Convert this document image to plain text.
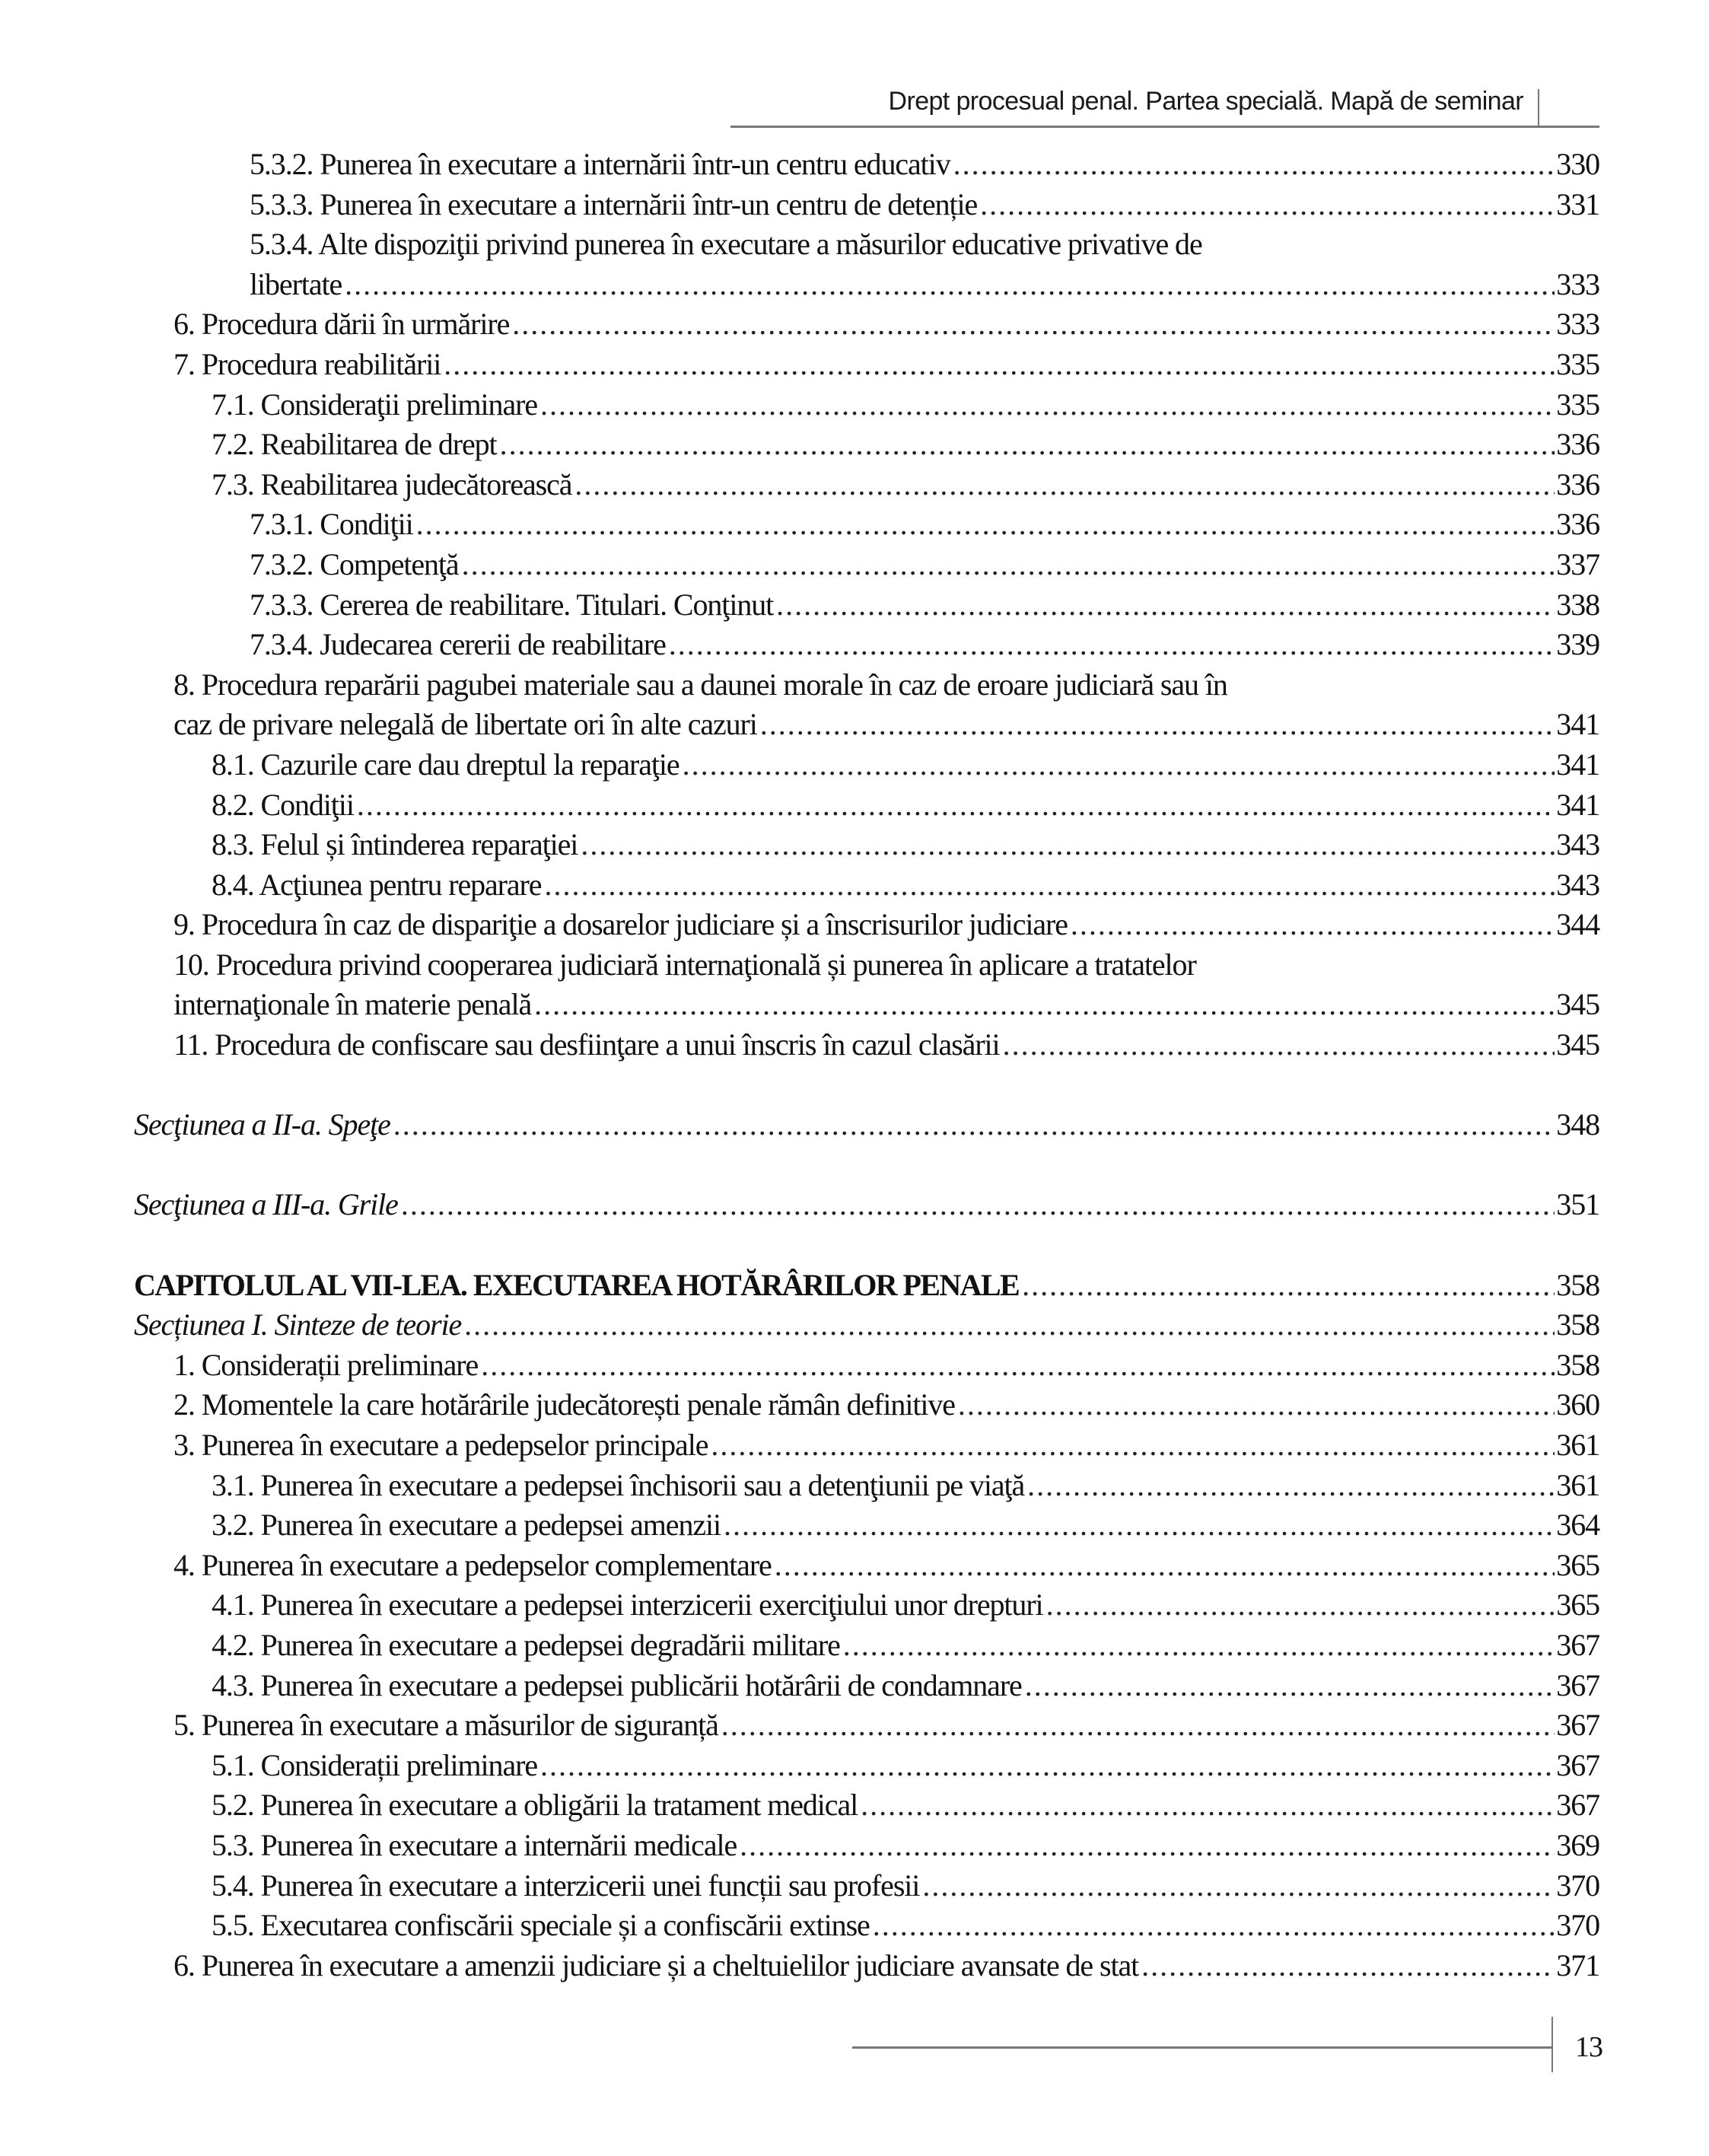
Drept procesual penal. Partea specială. Mapă de seminar
5.3.2. Punerea în executare a internării într-un centru educativ .....	330
5.3.3. Punerea în executare a internării într-un centru de detenție .....	331
5.3.4. Alte dispoziţii privind punerea în executare a măsurilor educative privative de
libertate .....	333
6. Procedura dării în urmărire .....	333
7. Procedura reabilitării .....	335
7.1. Consideraţii preliminare .....	335
7.2. Reabilitarea de drept .....	336
7.3. Reabilitarea judecătorească .....	336
7.3.1. Condiţii .....	336
7.3.2. Competenţă .....	337
7.3.3. Cererea de reabilitare. Titulari. Conţinut .....	338
7.3.4. Judecarea cererii de reabilitare .....	339
8. Procedura reparării pagubei materiale sau a daunei morale în caz de eroare judiciară sau în
caz de privare nelegală de libertate ori în alte cazuri .....	341
8.1. Cazurile care dau dreptul la reparaţie .....	341
8.2. Condiţii .....	341
8.3. Felul și întinderea reparaţiei .....	343
8.4. Acţiunea pentru reparare .....	343
9. Procedura în caz de dispariţie a dosarelor judiciare și a înscrisurilor judiciare .....	344
10. Procedura privind cooperarea judiciară internaţională și punerea în aplicare a tratatelor
internaţionale în materie penală .....	345
11. Procedura de confiscare sau desfiinţare a unui înscris în cazul clasării .....	345
Secţiunea a II-a. Speţe .....	348
Secţiunea a III-a. Grile .....	351
CAPITOLUL AL VII-LEA. EXECUTAREA HOTĂRÂRILOR PENALE .....	358
Secțiunea I. Sinteze de teorie .....	358
1. Considerații preliminare .....	358
2. Momentele la care hotărârile judecătorești penale rămân definitive .....	360
3. Punerea în executare a pedepselor principale .....	361
3.1. Punerea în executare a pedepsei închisorii sau a detenţiunii pe viaţă .....	361
3.2. Punerea în executare a pedepsei amenzii .....	364
4. Punerea în executare a pedepselor complementare .....	365
4.1. Punerea în executare a pedepsei interzicerii exerciţiului unor drepturi .....	365
4.2. Punerea în executare a pedepsei degradării militare .....	367
4.3. Punerea în executare a pedepsei publicării hotărârii de condamnare .....	367
5. Punerea în executare a măsurilor de siguranță .....	367
5.1. Considerații preliminare .....	367
5.2. Punerea în executare a obligării la tratament medical .....	367
5.3. Punerea în executare a internării medicale .....	369
5.4. Punerea în executare a interzicerii unei funcții sau profesii .....	370
5.5. Executarea confiscării speciale și a confiscării extinse .....	370
6. Punerea în executare a amenzii judiciare și a cheltuielilor judiciare avansate de stat .....	371
13
